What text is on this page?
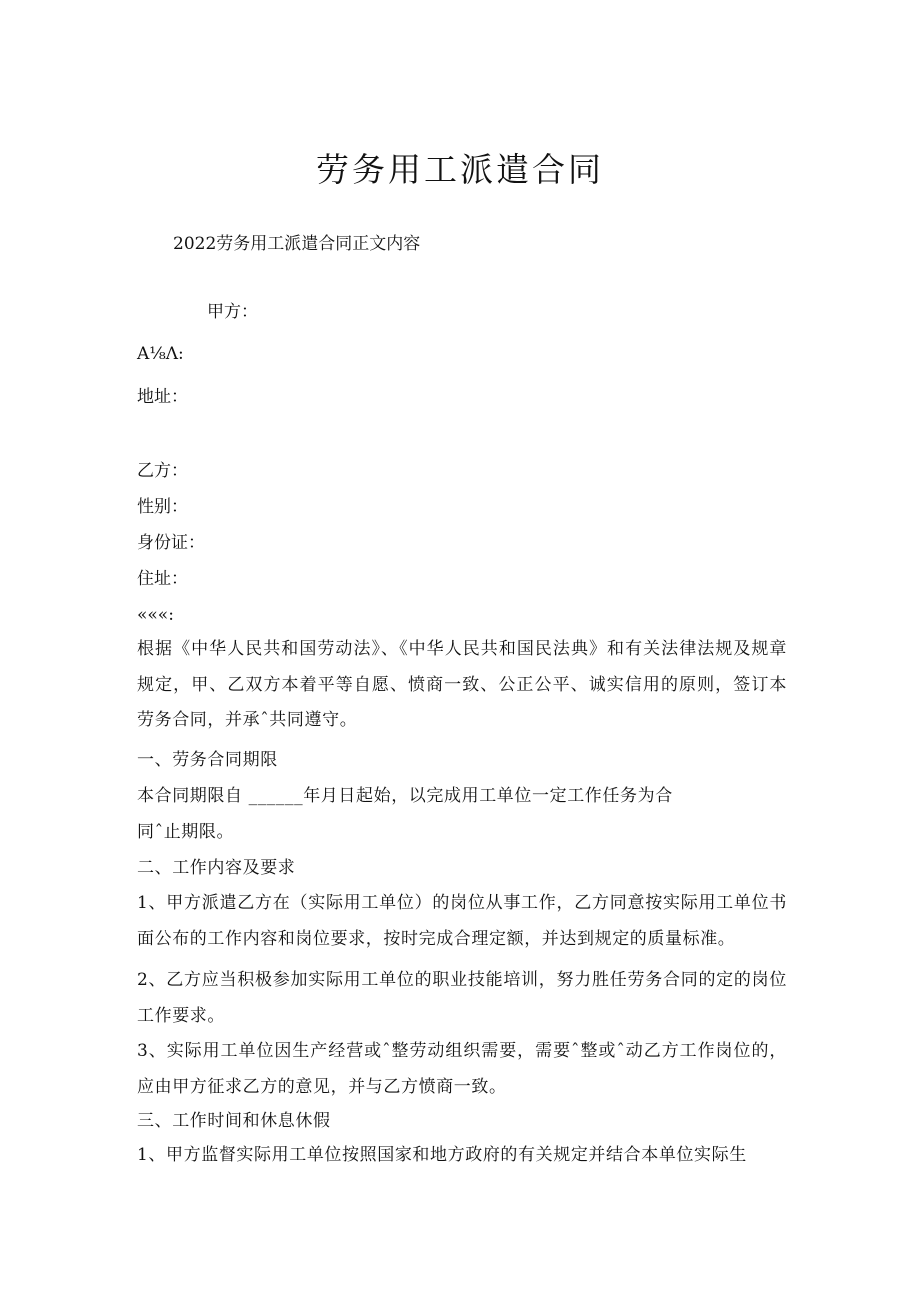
劳务用工派遣合同
2022劳务用工派遣合同正文内容
甲方：
A⅛Λ:
地址：
乙方：
性别：
身份证：
住址：
«««:
根据《中华人民共和国劳动法》、《中华人民共和国民法典》和有关法律法规及规章规定，甲、乙双方本着平等自愿、愤商一致、公正公平、诚实信用的原则，签订本劳务合同，并承ˆ共同遵守。
一、劳务合同期限
本合同期限自 ______年月日起始，以完成用工单位一定工作任务为合
同ˆ止期限。
二、工作内容及要求
1、甲方派遣乙方在（实际用工单位）的岗位从事工作，乙方同意按实际用工单位书面公布的工作内容和岗位要求，按时完成合理定额，并达到规定的质量标准。
2、乙方应当积极参加实际用工单位的职业技能培训，努力胜任劳务合同的定的岗位工作要求。
3、实际用工单位因生产经营或ˆ整劳动组织需要，需要ˆ整或ˆ动乙方工作岗位的，应由甲方征求乙方的意见，并与乙方愤商一致。
三、工作时间和休息休假
1、甲方监督实际用工单位按照国家和地方政府的有关规定并结合本单位实际生
